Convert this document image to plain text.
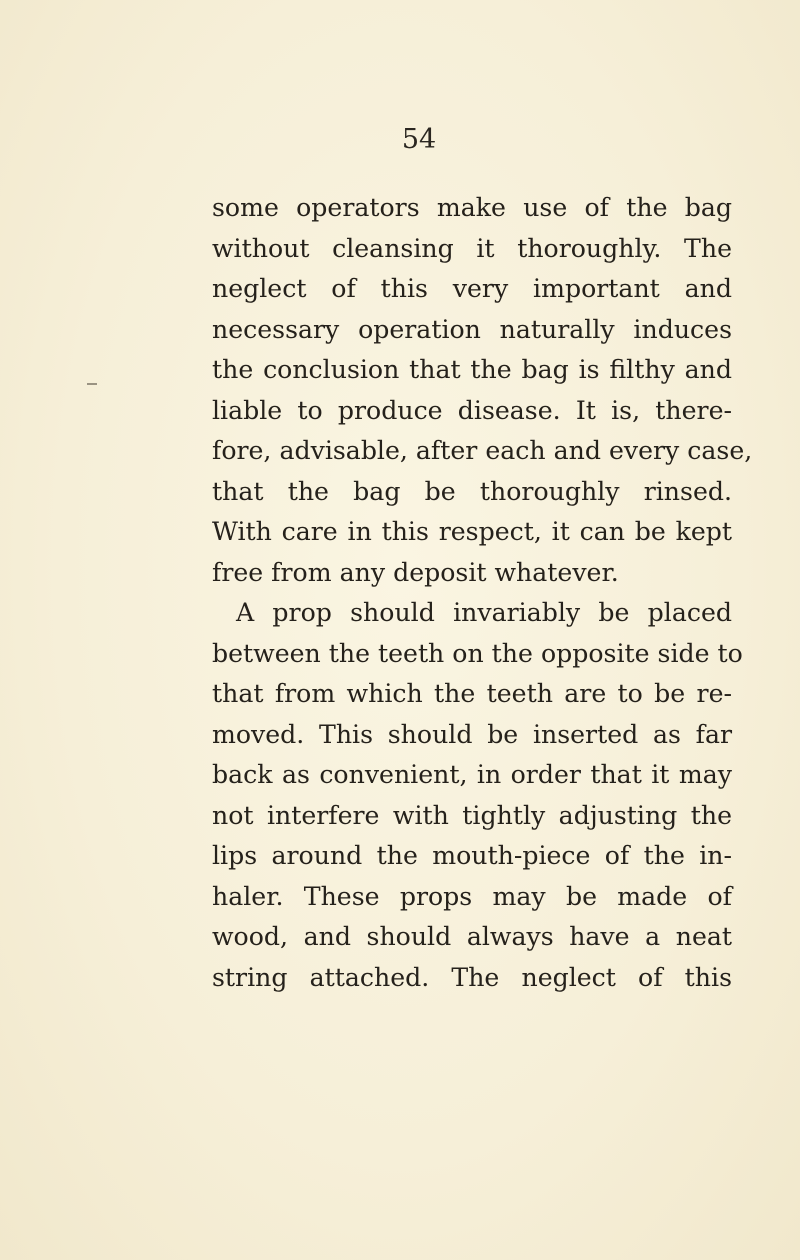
54

some operators make use of the bag
without cleansing it thoroughly. The
neglect of this very important and
necessary operation naturally induces
the conclusion that the bag is filthy and
liable to produce disease. It is, there-
fore, advisable, after each and every case,
that the bag be thoroughly rinsed.
With care in this respect, it can be kept
free from any deposit whatever.
A prop should invariably be placed
between the teeth on the opposite side to
that from which the teeth are to be re-
moved. This should be inserted as far
back as convenient, in order that it may
not interfere with tightly adjusting the
lips around the mouth-piece of the in-
haler. These props may be made of
wood, and should always have a neat
string attached. The neglect of this
